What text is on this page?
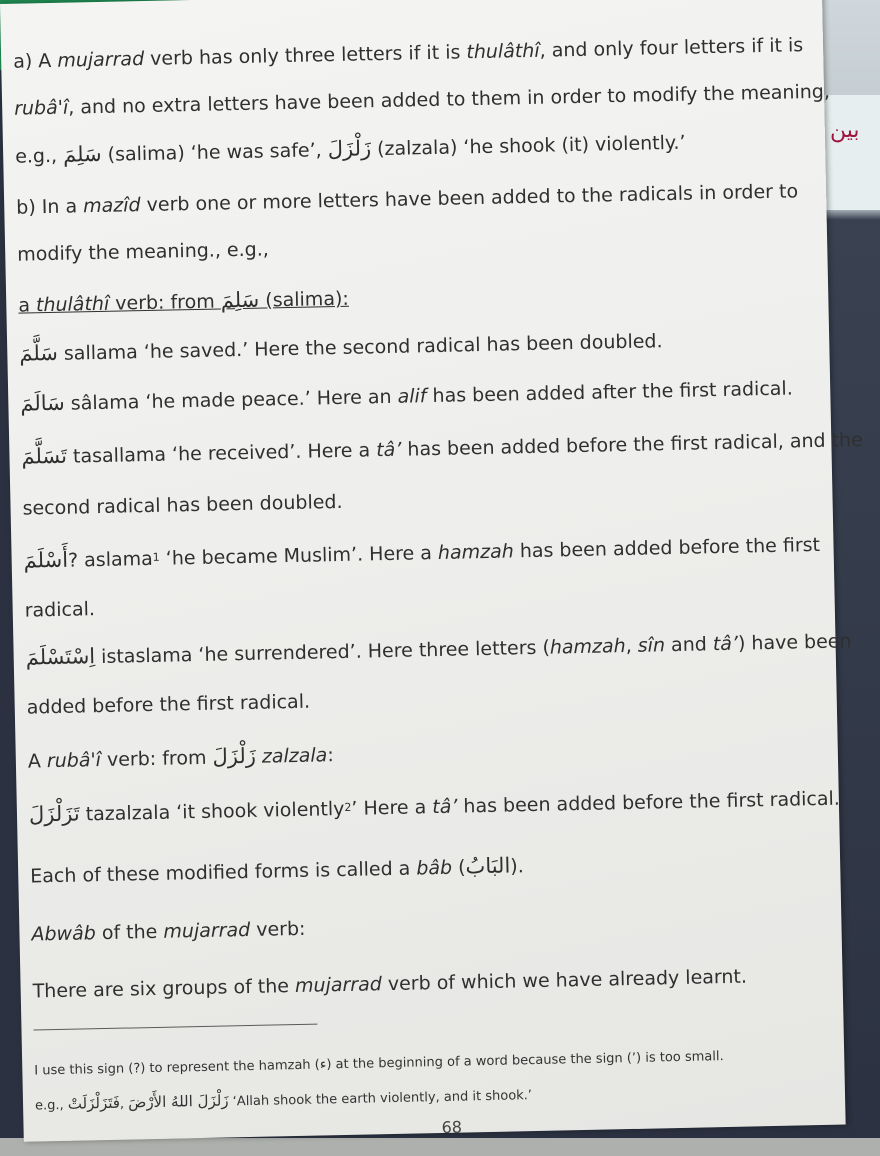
بين
a) A mujarrad verb has only three letters if it is thulâthî, and only four letters if it is
rubâ'î, and no extra letters have been added to them in order to modify the meaning,
e.g., سَلِمَ (salima) ‘he was safe’, زَلْزَلَ (zalzala) ‘he shook (it) violently.’
b) In a mazîd verb one or more letters have been added to the radicals in order to
modify the meaning., e.g.,
a thulâthî verb: from سَلِمَ (salima):
سَلَّمَ sallama ‘he saved.’ Here the second radical has been doubled.
سَالَمَ sâlama ‘he made peace.’ Here an alif has been added after the first radical.
تَسَلَّمَ tasallama ‘he received’. Here a tâ’ has been added before the first radical, and the
second radical has been doubled.
أَسْلَمَ? aslama$^1$ ‘he became Muslim’. Here a hamzah has been added before the first
radical.
اِسْتَسْلَمَ istaslama ‘he surrendered’. Here three letters (hamzah, sîn and tâ’) have been
added before the first radical.
A rubâ'î verb: from زَلْزَلَ zalzala:
تَزَلْزَلَ tazalzala ‘it shook violently$^2$’ Here a tâ’ has been added before the first radical.
Each of these modified forms is called a bâb (البَابُ).
Abwâb of the mujarrad verb:
There are six groups of the mujarrad verb of which we have already learnt.
I use this sign (?) to represent the hamzah (ء) at the beginning of a word because the sign (’) is too small.
e.g., فَتَزَلْزَلَتْ, زَلْزَلَ اللهُ الأَرْضَ ‘Allah shook the earth violently, and it shook.’
68
